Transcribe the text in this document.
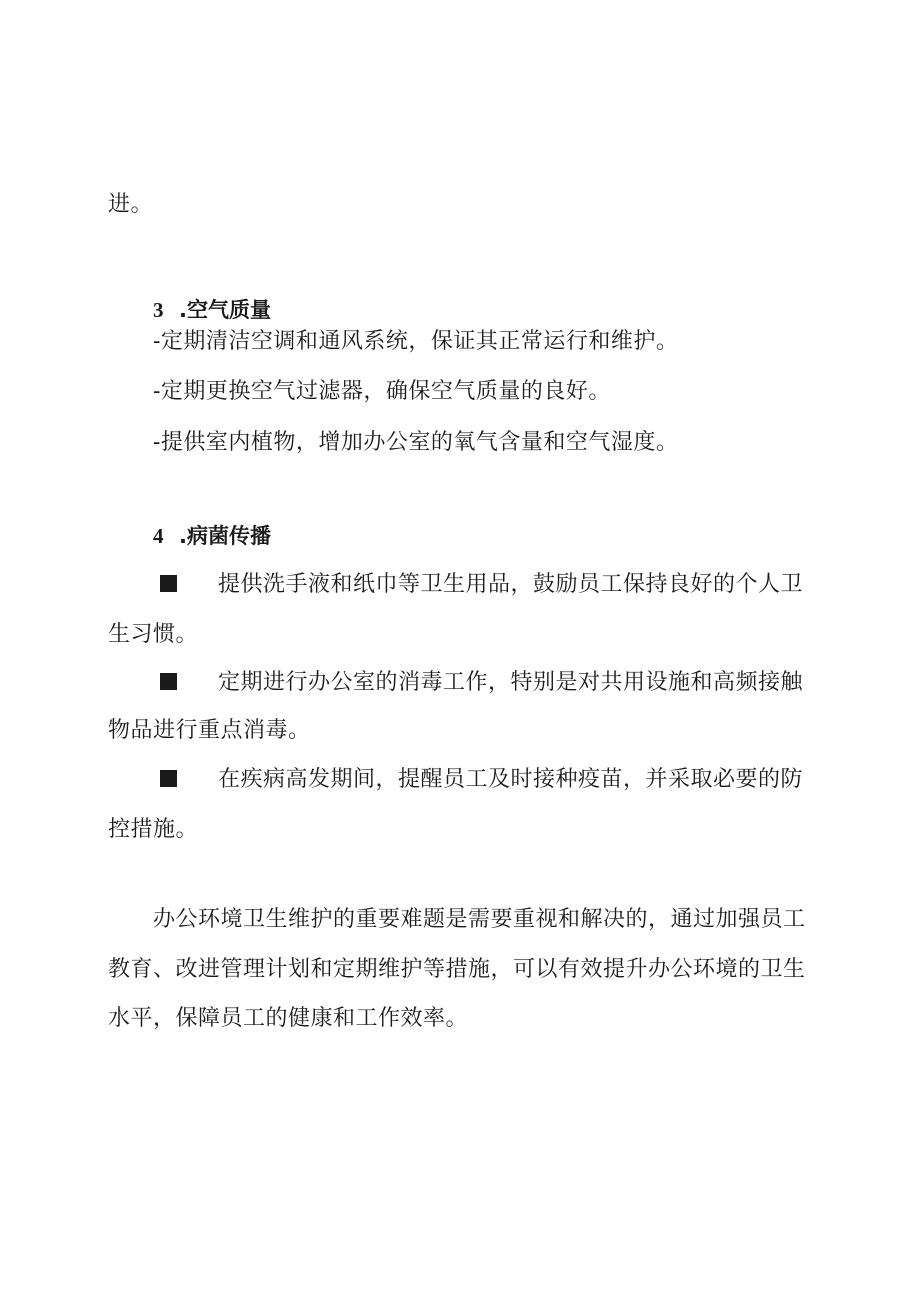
进。
3 .空气质量
-定期清洁空调和通风系统，保证其正常运行和维护。
-定期更换空气过滤器，确保空气质量的良好。
-提供室内植物，增加办公室的氧气含量和空气湿度。
4 .病菌传播
提供洗手液和纸巾等卫生用品，鼓励员工保持良好的个人卫
生习惯。
定期进行办公室的消毒工作，特别是对共用设施和高频接触
物品进行重点消毒。
在疾病高发期间，提醒员工及时接种疫苗，并采取必要的防
控措施。
办公环境卫生维护的重要难题是需要重视和解决的，通过加强员工
教育、改进管理计划和定期维护等措施，可以有效提升办公环境的卫生
水平，保障员工的健康和工作效率。
